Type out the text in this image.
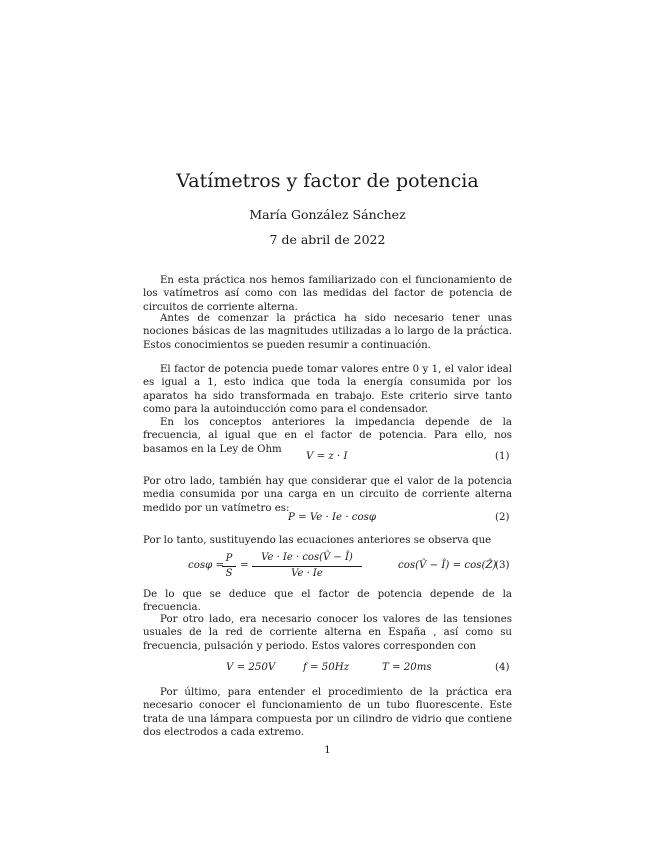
Vatímetros y factor de potencia
María González Sánchez
7 de abril de 2022
En esta práctica nos hemos familiarizado con el funcionamiento de los vatímetros así como con las medidas del factor de potencia de circuitos de corriente alterna.
Antes de comenzar la práctica ha sido necesario tener unas nociones básicas de las magnitudes utilizadas a lo largo de la práctica. Estos conocimientos se pueden resumir a continuación.
El factor de potencia puede tomar valores entre 0 y 1, el valor ideal es igual a 1, esto indica que toda la energía consumida por los aparatos ha sido transformada en trabajo. Este criterio sirve tanto como para la autoinducción como para el condensador.
En los conceptos anteriores la impedancia depende de la frecuencia, al igual que en el factor de potencia. Para ello, nos basamos en la Ley de Ohm
V = z · I	(1)
Por otro lado, también hay que considerar que el valor de la potencia media consumida por una carga en un circuito de corriente alterna medido por un vatímetro es:
P = Ve · Ie · cosφ	(2)
Por lo tanto, sustituyendo las ecuaciones anteriores se observa que
cosφ =
P
S
=
Ve · Ie · cos(V̂ − Î)
Ve · Ie
cos(V̂ − Î) = cos(Ẑ)
(3)
De lo que se deduce que el factor de potencia depende de la frecuencia.
Por otro lado, era necesario conocer los valores de las tensiones usuales de la red de corriente alterna en España , así como su frecuencia, pulsación y periodo. Estos valores corresponden con
V = 250V	f = 50Hz	T = 20ms	(4)
Por último, para entender el procedimiento de la práctica era necesario conocer el funcionamiento de un tubo fluorescente. Este trata de una lámpara compuesta por un cilindro de vidrio que contiene dos electrodos a cada extremo.
1
